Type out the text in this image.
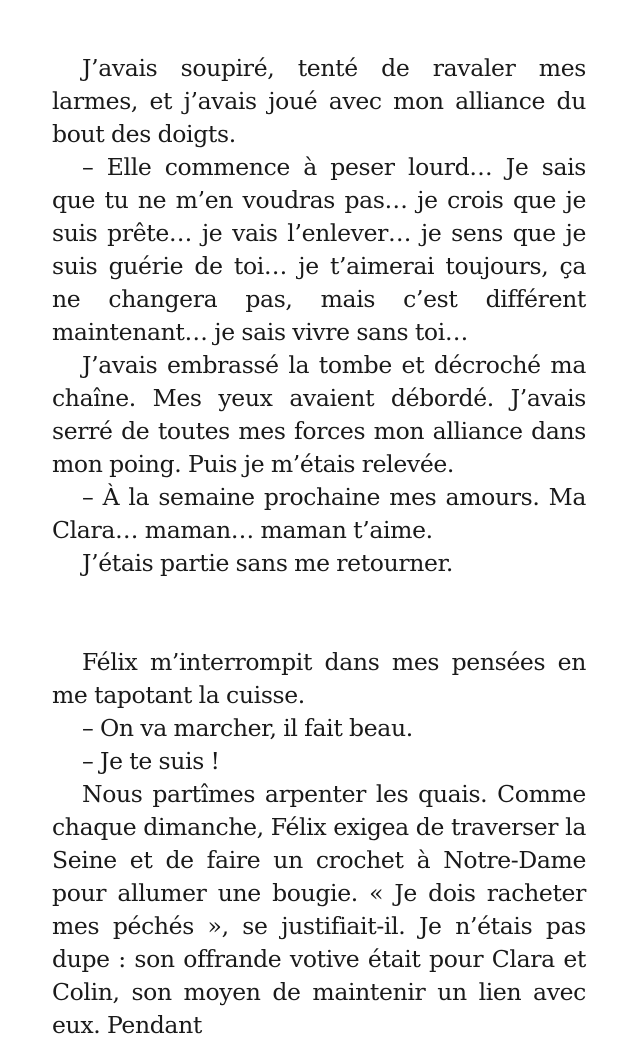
J’avais soupiré, tenté de ravaler mes larmes, et j’avais joué avec mon alliance du bout des doigts.

– Elle commence à peser lourd… Je sais que tu ne m’en voudras pas… je crois que je suis prête… je vais l’enlever… je sens que je suis guérie de toi… je t’aimerai toujours, ça ne changera pas, mais c’est différent maintenant… je sais vivre sans toi…

J’avais embrassé la tombe et décroché ma chaîne. Mes yeux avaient débordé. J’avais serré de toutes mes forces mon alliance dans mon poing. Puis je m’étais relevée.

– À la semaine prochaine mes amours. Ma Clara… maman… maman t’aime.

J’étais partie sans me retourner.

Félix m’interrompit dans mes pensées en me tapotant la cuisse.

– On va marcher, il fait beau.

– Je te suis !

Nous partîmes arpenter les quais. Comme chaque dimanche, Félix exigea de traverser la Seine et de faire un crochet à Notre-Dame pour allumer une bougie. « Je dois racheter mes péchés », se justifiait-il. Je n’étais pas dupe : son offrande votive était pour Clara et Colin, son moyen de maintenir un lien avec eux. Pendant
